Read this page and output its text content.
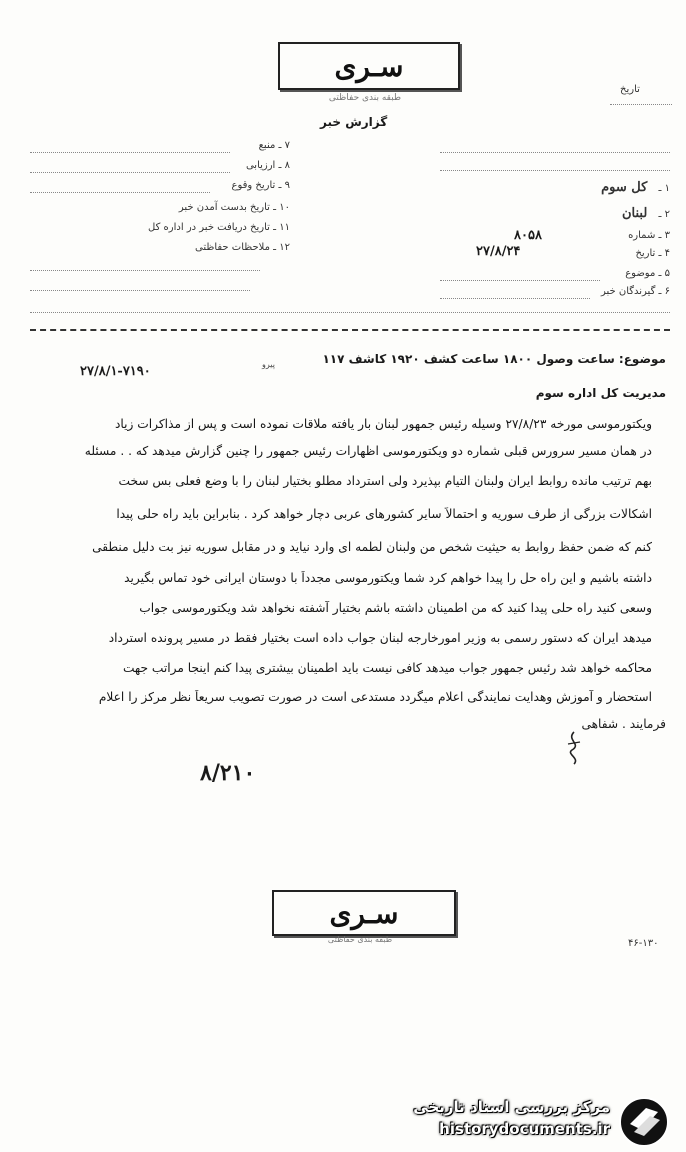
سـری
طبقه بندی حفاظتی
تاریخ
گزارش خبر
۱ ـ کل سوم
۲ ـ لبنان
۳ ـ شماره
۸۰۵۸
۴ ـ تاریخ
۲۷/۸/۲۴
۵ ـ موضوع
۶ ـ گیرندگان خبر
۷ ـ منبع
۸ ـ ارزیابی
۹ ـ تاریخ وقوع
۱۰ ـ تاریخ بدست آمدن خبر
۱۱ ـ تاریخ دریافت خبر در اداره کل
۱۲ ـ ملاحظات حفاظتی
موضوع: ساعت وصول ۱۸۰۰ ساعت کشف ۱۹۲۰ کاشف ۱۱۷
پیرو
۲۷/۸/۱-۷۱۹۰
مدیریت کل اداره سوم
ویکتورموسی مورخه ۲۷/۸/۲۳ وسیله رئیس جمهور لبنان بار یافته ملاقات نموده است و پس از مذاکرات زیاد
در همان مسیر سرورس قبلی شماره دو ویکتورموسی اظهارات رئیس جمهور را چنین گزارش میدهد که . . مسئله
بهم ترتیب مانده روابط ایران ولبنان التیام بپذیرد ولی استرداد مطلو بختیار لبنان را با وضع فعلی بس سخت
اشکالات بزرگی از طرف سوریه و احتمالاً سایر کشورهای عربی دچار خواهد کرد . بنابراین باید راه حلی پیدا
کنم که ضمن حفظ روابط به حیثیت شخص من ولبنان لطمه ای وارد نیاید و در مقابل سوریه نیز بت دلیل منطقی
داشته باشیم و این راه حل را پیدا خواهم کرد شما ویکتورموسی مجدداً با دوستان ایرانی خود تماس بگیرید
وسعی کنید راه حلی پیدا کنید که من اطمینان داشته باشم بختیار آشفته نخواهد شد ویکتورموسی جواب
میدهد ایران که دستور رسمی به وزیر امورخارجه لبنان جواب داده است بختیار فقط در مسیر پرونده استرداد
محاکمه خواهد شد رئیس جمهور جواب میدهد کافی نیست باید اطمینان بیشتری پیدا کنم اینجا مراتب جهت
استحضار و آموزش وهدایت نمایندگی اعلام میگردد مستدعی است در صورت تصویب سریعاً نظر مرکز را اعلام
فرمایند . شفاهی
۸/۲۱۰
سـری
طبقه بندی حفاظتی	۴۶-۱۳۰
مرکز بررسی اسناد تاریخی
historydocuments.ir
